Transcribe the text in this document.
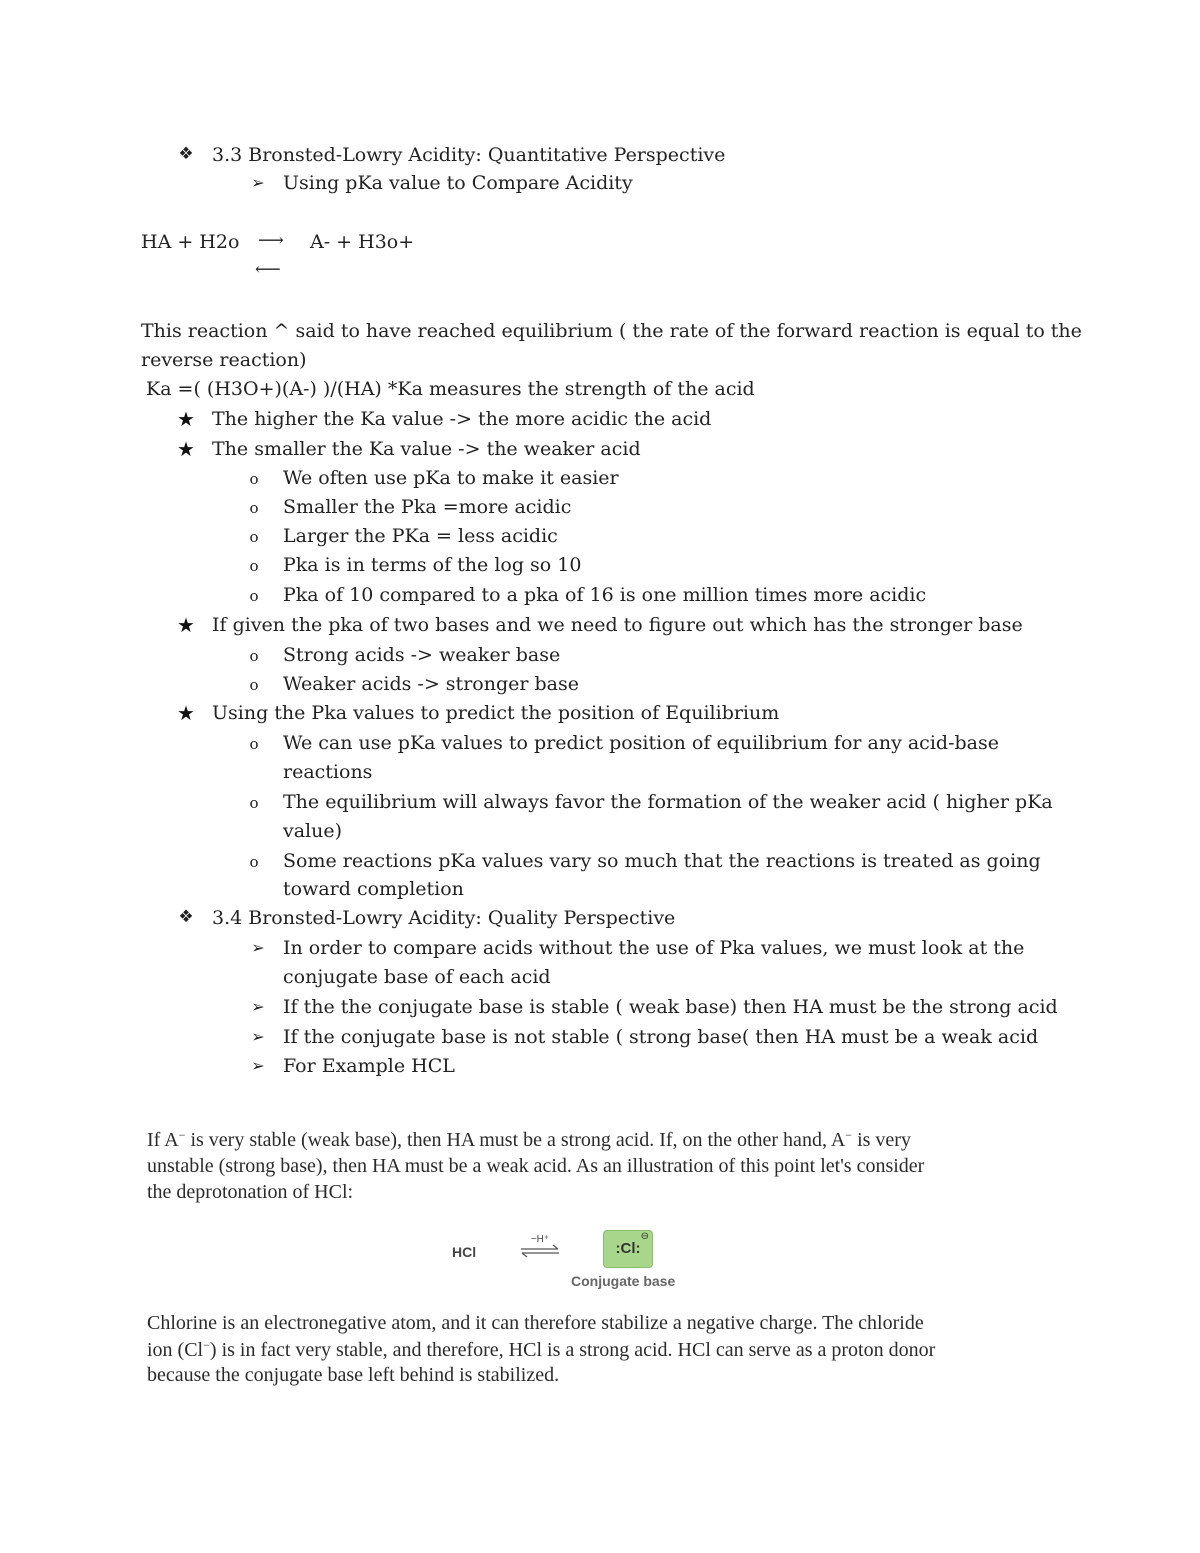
❖ 3.3 Bronsted-Lowry Acidity: Quantitative Perspective
➢ Using pKa value to Compare Acidity
HA + H2o ⟶ A- + H3o+
⟵
This reaction ^ said to have reached equilibrium ( the rate of the forward reaction is equal to the
reverse reaction)
Ka =( (H3O+)(A-) )/(HA) *Ka measures the strength of the acid
★ The higher the Ka value -> the more acidic the acid
★ The smaller the Ka value -> the weaker acid
o We often use pKa to make it easier
o Smaller the Pka =more acidic
o Larger the PKa = less acidic
o Pka is in terms of the log so 10
o Pka of 10 compared to a pka of 16 is one million times more acidic
★ If given the pka of two bases and we need to figure out which has the stronger base
o Strong acids -> weaker base
o Weaker acids -> stronger base
★ Using the Pka values to predict the position of Equilibrium
o We can use pKa values to predict position of equilibrium for any acid-base
reactions
o The equilibrium will always favor the formation of the weaker acid ( higher pKa
value)
o Some reactions pKa values vary so much that the reactions is treated as going
toward completion
❖ 3.4 Bronsted-Lowry Acidity: Quality Perspective
➢ In order to compare acids without the use of Pka values, we must look at the
conjugate base of each acid
➢ If the the conjugate base is stable ( weak base) then HA must be the strong acid
➢ If the conjugate base is not stable ( strong base( then HA must be a weak acid
➢ For Example HCL
If A− is very stable (weak base), then HA must be a strong acid. If, on the other hand, A− is very
unstable (strong base), then HA must be a weak acid. As an illustration of this point let's consider
the deprotonation of HCl:
HCl
−H⁺
:Cl:
⊖
Conjugate base
Chlorine is an electronegative atom, and it can therefore stabilize a negative charge. The chloride
ion (Cl−) is in fact very stable, and therefore, HCl is a strong acid. HCl can serve as a proton donor
because the conjugate base left behind is stabilized.
